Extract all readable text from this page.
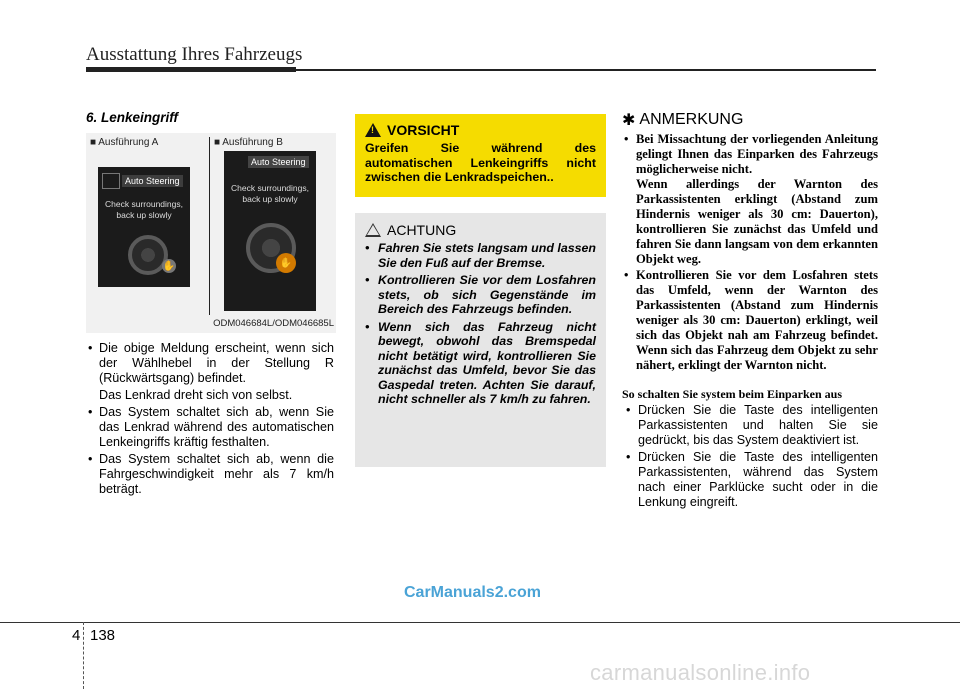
Ausstattung Ihres Fahrzeugs
6. Lenkeingriff
■ Ausführung A	■ Ausführung B
Auto Steering
Check surroundings, back up slowly
✋
Auto Steering
Check surroundings, back up slowly
✋
ODM046684L/ODM046685L
• Die obige Meldung erscheint, wenn sich der Wählhebel in der Stellung R (Rückwärtsgang) befindet.
Das Lenkrad dreht sich von selbst.
• Das System schaltet sich ab, wenn Sie das Lenkrad während des automatischen Lenkeingriffs kräftig festhalten.
• Das System schaltet sich ab, wenn die Fahrgeschwindigkeit mehr als 7 km/h beträgt.
! VORSICHT
Greifen Sie während des automatischen Lenkeingriffs nicht zwischen die Lenkradspeichen..
ACHTUNG
• Fahren Sie stets langsam und lassen Sie den Fuß auf der Bremse.
• Kontrollieren Sie vor dem Losfahren stets, ob sich Gegenstände im Bereich des Fahrzeugs befinden.
• Wenn sich das Fahrzeug nicht bewegt, obwohl das Bremspedal nicht betätigt wird, kontrollieren Sie zunächst das Umfeld, bevor Sie das Gaspedal treten. Achten Sie darauf, nicht schneller als 7 km/h zu fahren.
✱ ANMERKUNG
• Bei Missachtung der vorliegenden Anleitung gelingt Ihnen das Einparken des Fahrzeugs möglicherweise nicht.
Wenn allerdings der Warnton des Parkassistenten erklingt (Abstand zum Hindernis weniger als 30 cm: Dauerton), kontrollieren Sie zunächst das Umfeld und fahren Sie dann langsam von dem erkannten Objekt weg.
• Kontrollieren Sie vor dem Losfahren stets das Umfeld, wenn der Warnton des Parkassistenten (Abstand zum Hindernis weniger als 30 cm: Dauerton) erklingt, weil sich das Objekt nah am Fahrzeug befindet. Wenn sich das Fahrzeug dem Objekt zu sehr nähert, erklingt der Warnton nicht.
So schalten Sie system beim Einparken aus
• Drücken Sie die Taste des intelligenten Parkassistenten und halten Sie sie gedrückt, bis das System deaktiviert ist.
• Drücken Sie die Taste des intelligenten Parkassistenten, während das System nach einer Parklücke sucht oder in die Lenkung eingreift.
CarManuals2.com
4 138
carmanualsonline.info
